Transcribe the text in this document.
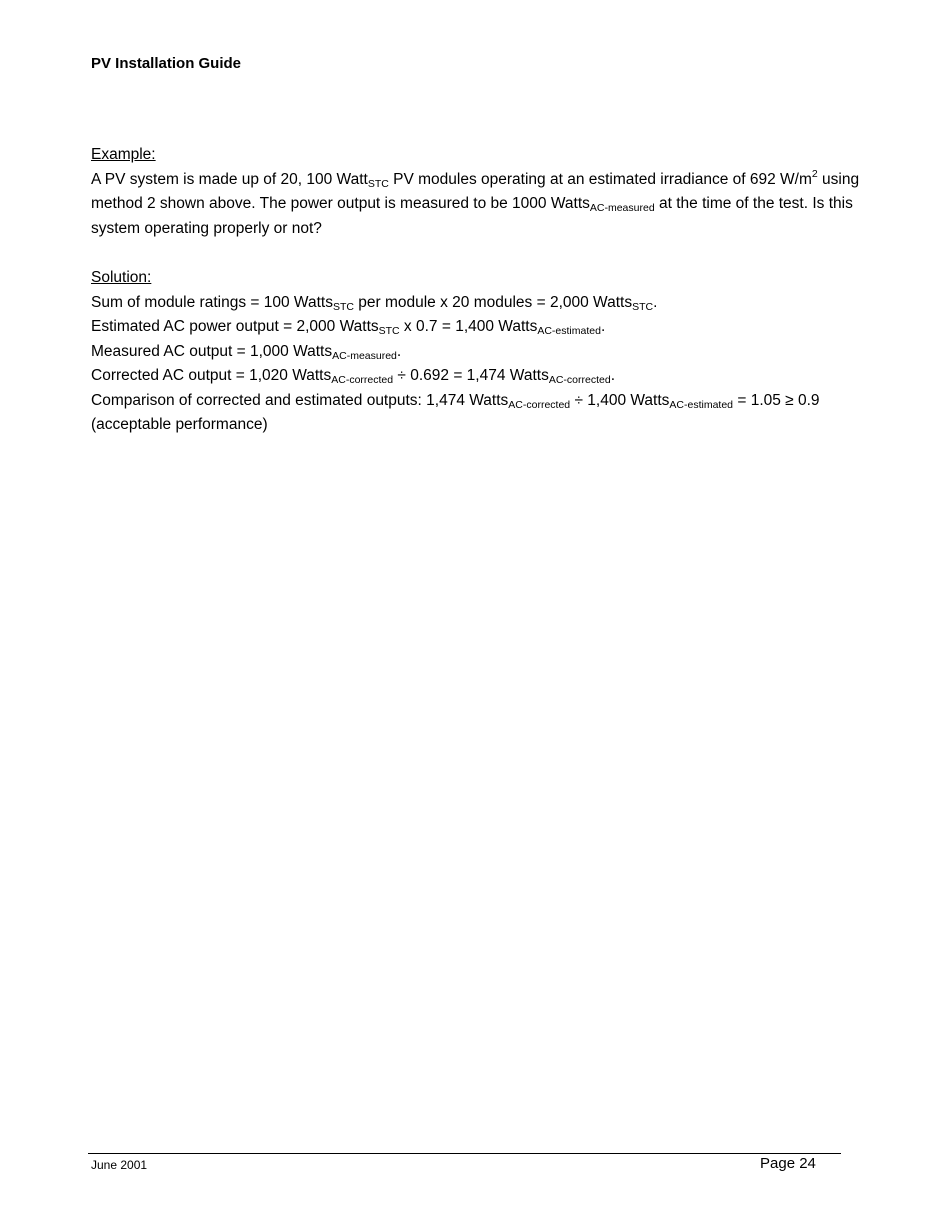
PV Installation Guide

Example:

A PV system is made up of 20, 100 Watt$_{STC}$ PV modules operating at an estimated irradiance of 692 $W/m^2$ using method 2 shown above. The power output is measured to be 1000 Watts$_{AC-measured}$ at the time of the test. Is this system operating properly or not?

Solution:

Sum of module ratings = 100 Watts$_{STC}$ per module x 20 modules = 2,000 Watts$_{STC}$.

Estimated AC power output = 2,000 Watts$_{STC}$ x 0.7 = 1,400 Watts$_{AC-estimated}$.

Measured AC output = 1,000 Watts$_{AC-measured}$.

Corrected AC output = 1,020 Watts$_{AC-corrected}$ ÷ 0.692 = 1,474 Watts$_{AC-corrected}$.

Comparison of corrected and estimated outputs: 1,474 Watts$_{AC-corrected}$ ÷ 1,400 Watts$_{AC-estimated}$ = 1.05 ≥ 0.9 (acceptable performance)

June 2001	Page 24
